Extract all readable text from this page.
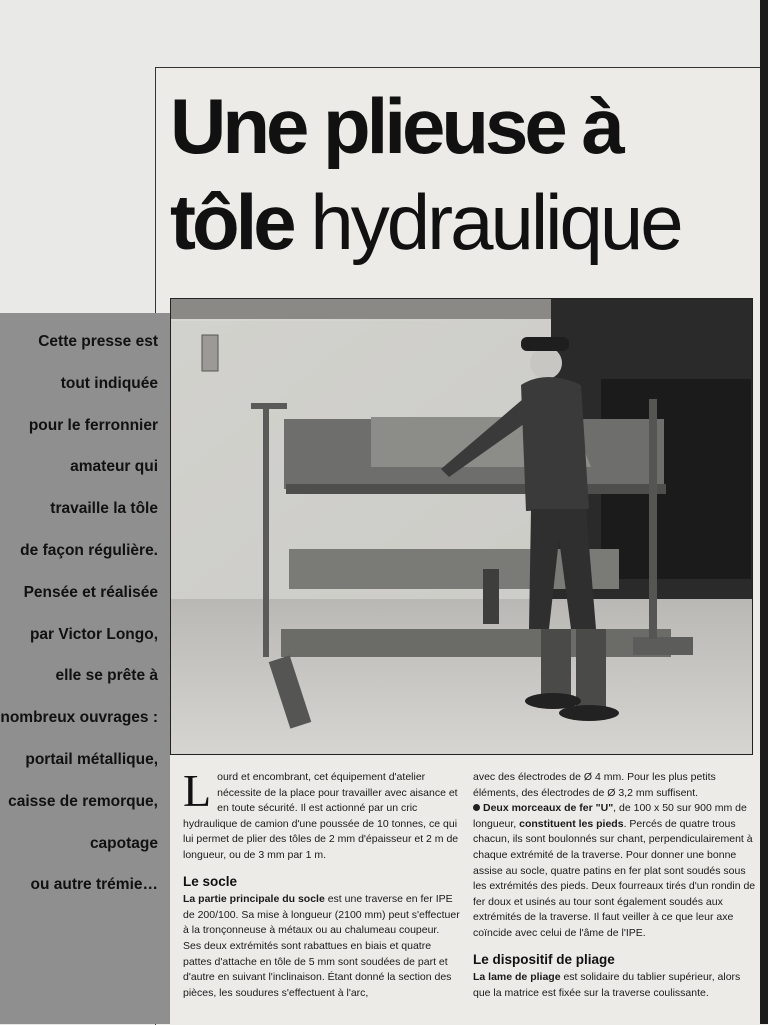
Une plieuse à
tôle hydraulique
Cette presse est
tout indiquée
pour le ferronnier
amateur qui
travaille la tôle
de façon régulière.
Pensée et réalisée
par Victor Longo,
elle se prête à
nombreux ouvrages :
portail métallique,
caisse de remorque,
capotage
ou autre trémie…

L ourd et encombrant, cet équipement d'atelier nécessite de la place pour travailler avec aisance et en toute sécurité. Il est actionné par un cric hydraulique de camion d'une poussée de 10 tonnes, ce qui lui permet de plier des tôles de 2 mm d'épaisseur et 2 m de longueur, ou de 3 mm par 1 m.

Le socle

La partie principale du socle est une traverse en fer IPE de 200/100. Sa mise à longueur (2100 mm) peut s'effectuer à la tronçonneuse à métaux ou au chalumeau coupeur. Ses deux extrémités sont rabattues en biais et quatre pattes d'attache en tôle de 5 mm sont soudées de part et d'autre en suivant l'inclinaison. Étant donné la section des pièces, les soudures s'effectuent à l'arc,

avec des électrodes de Ø 4 mm. Pour les plus petits éléments, des électrodes de Ø 3,2 mm suffisent.

Deux morceaux de fer "U", de 100 x 50 sur 900 mm de longueur, constituent les pieds. Percés de quatre trous chacun, ils sont boulonnés sur chant, perpendiculairement à chaque extrémité de la traverse. Pour donner une bonne assise au socle, quatre patins en fer plat sont soudés sous les extrémités des pieds. Deux fourreaux tirés d'un rondin de fer doux et usinés au tour sont également soudés aux extrémités de la traverse. Il faut veiller à ce que leur axe coïncide avec celui de l'âme de l'IPE.

Le dispositif de pliage

La lame de pliage est solidaire du tablier supérieur, alors que la matrice est fixée sur la traverse coulissante.
